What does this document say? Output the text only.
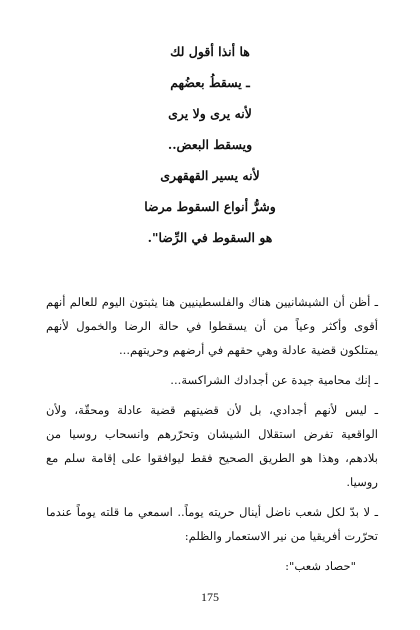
ها أنذا أقول لك
ـ يسقطُ بعضُهم
لأنه يرى ولا يرى
ويسقط البعض..
لأنه يسير القهقهرى
وشرُّ أنواع السقوط مرضا
هو السقوط في الرِّضا".

ـ أظن أن الشيشانيين هناك والفلسطينيين هنا يثبتون اليوم للعالم أنهم أقوى وأكثر وعياً من أن يسقطوا في حالة الرضا والخمول لأنهم يمتلكون قضية عادلة وهي حقهم في أرضهم وحريتهم...

ـ إنك محامية جيدة عن أجدادك الشراكسة...

ـ ليس لأنهم أجدادي، بل لأن قضيتهم قضية عادلة ومحقّة، ولأن الواقعية تفرض استقلال الشيشان وتحرّرهم وانسحاب روسيا من بلادهم، وهذا هو الطريق الصحيح فقط ليوافقوا على إقامة سلم مع روسيا.

ـ لا بدّ لكل شعب ناضل أينال حريته يوماً.. اسمعي ما قلته يوماً عندما تحرّرت أفريقيا من نير الاستعمار والظلم:

"حصاد شعب":

175
